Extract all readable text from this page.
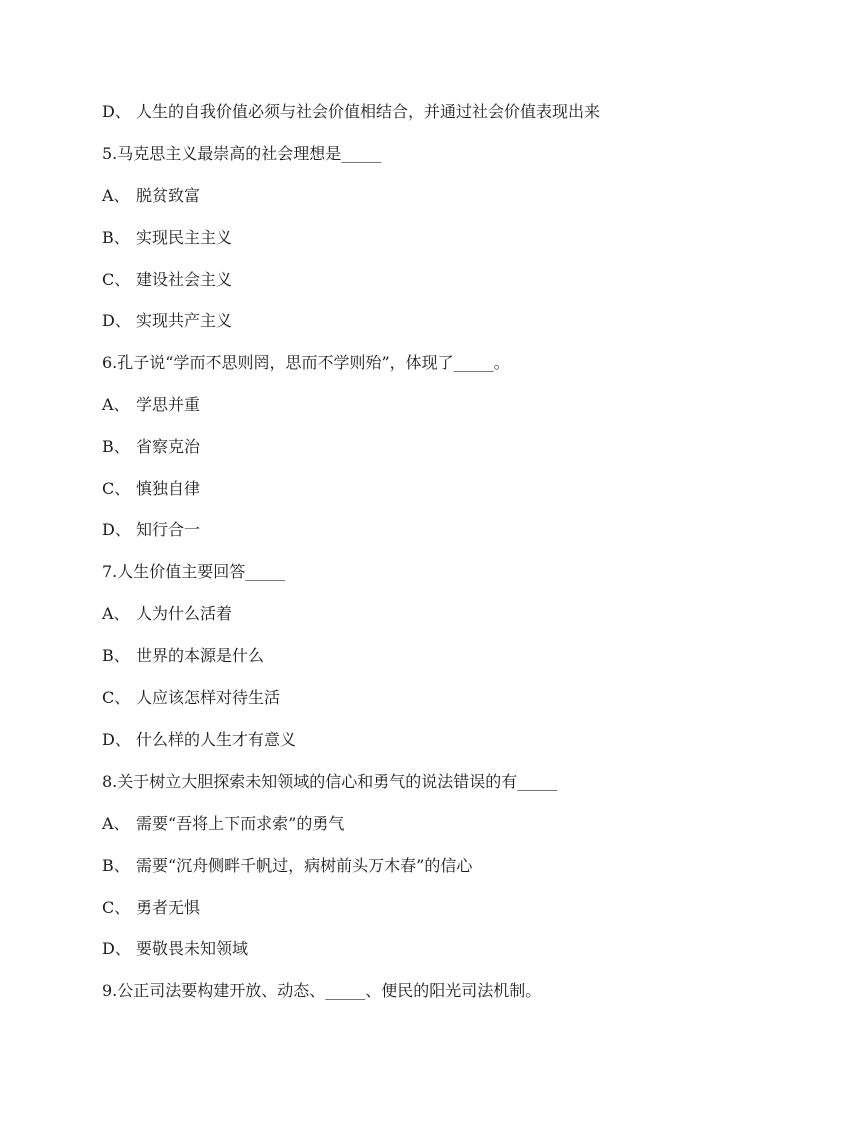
D、 人生的自我价值必须与社会价值相结合，并通过社会价值表现出来
5.马克思主义最崇高的社会理想是_____
A、 脱贫致富
B、 实现民主主义
C、 建设社会主义
D、 实现共产主义
6.孔子说“学而不思则罔，思而不学则殆”，体现了_____。
A、 学思并重
B、 省察克治
C、 慎独自律
D、 知行合一
7.人生价值主要回答_____
A、 人为什么活着
B、 世界的本源是什么
C、 人应该怎样对待生活
D、 什么样的人生才有意义
8.关于树立大胆探索未知领域的信心和勇气的说法错误的有_____
A、 需要“吾将上下而求索”的勇气
B、 需要“沉舟侧畔千帆过，病树前头万木春”的信心
C、 勇者无惧
D、 要敬畏未知领域
9.公正司法要构建开放、动态、_____、便民的阳光司法机制。
